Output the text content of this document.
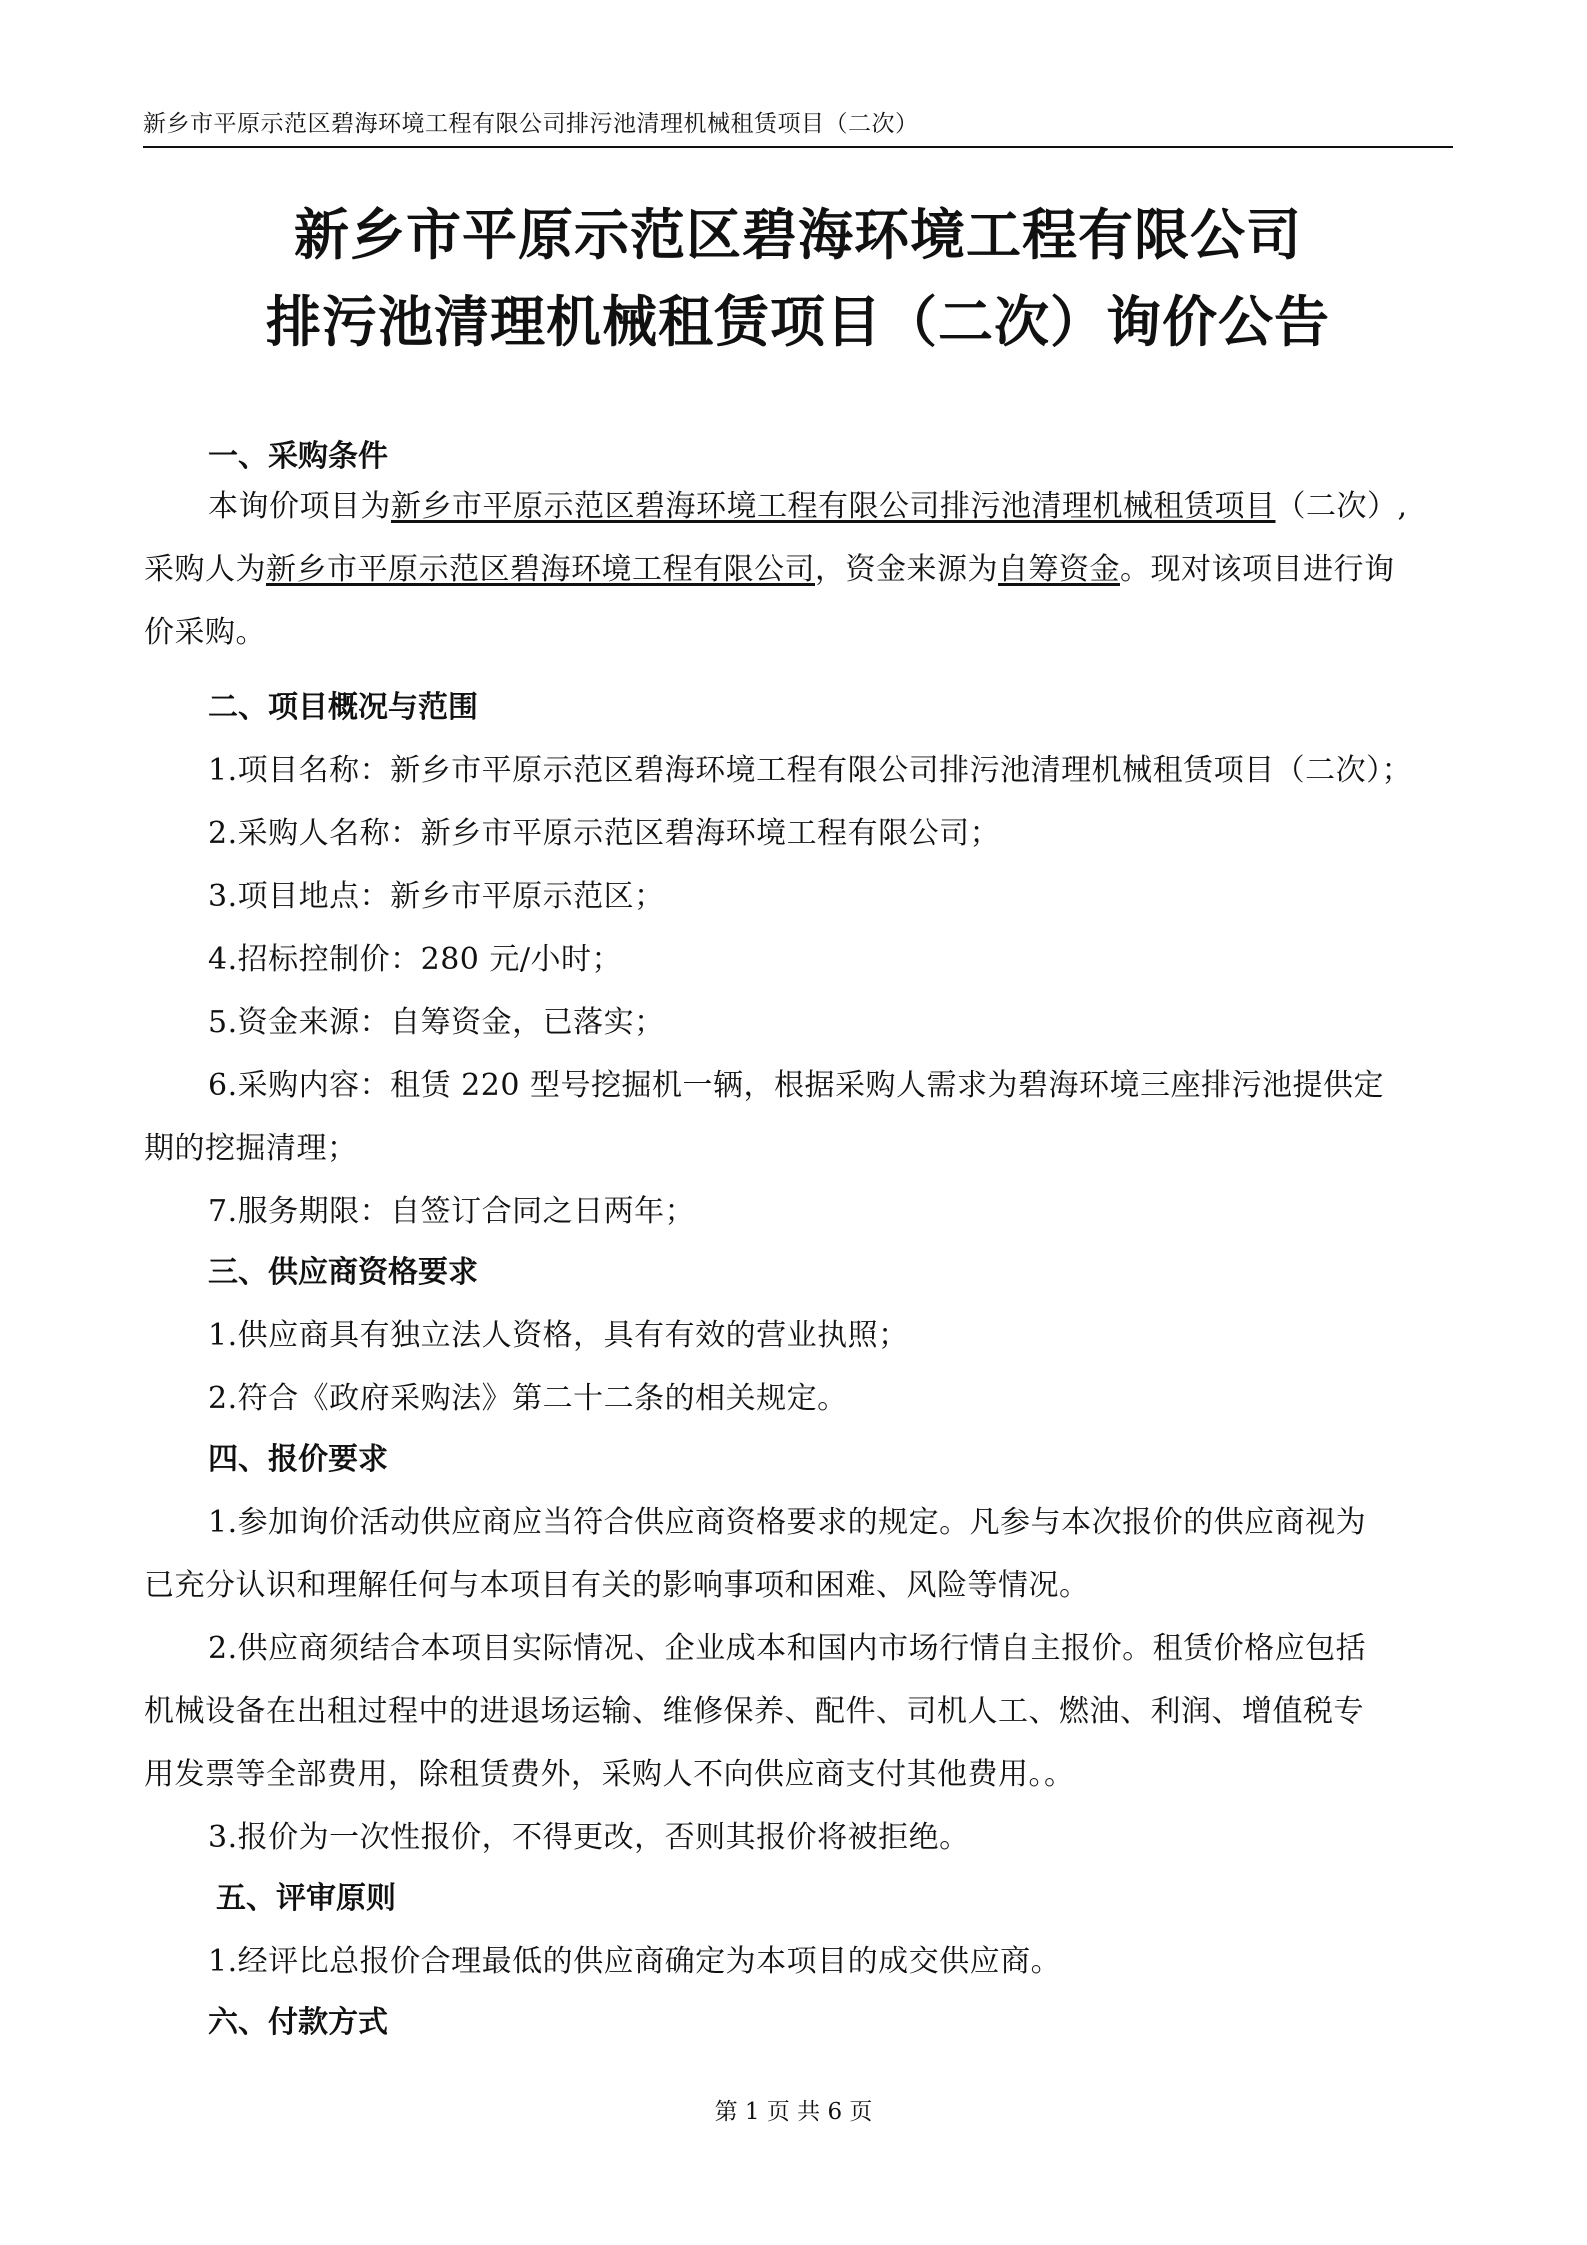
新乡市平原示范区碧海环境工程有限公司排污池清理机械租赁项目（二次）
新乡市平原示范区碧海环境工程有限公司
排污池清理机械租赁项目（二次）询价公告
一、采购条件
本询价项目为新乡市平原示范区碧海环境工程有限公司排污池清理机械租赁项目（二次）,
采购人为新乡市平原示范区碧海环境工程有限公司，资金来源为自筹资金。现对该项目进行询
价采购。
二、项目概况与范围
1.项目名称：新乡市平原示范区碧海环境工程有限公司排污池清理机械租赁项目（二次）；
2.采购人名称：新乡市平原示范区碧海环境工程有限公司；
3.项目地点：新乡市平原示范区；
4.招标控制价：280 元/小时；
5.资金来源：自筹资金，已落实；
6.采购内容：租赁 220 型号挖掘机一辆，根据采购人需求为碧海环境三座排污池提供定
期的挖掘清理；
7.服务期限：自签订合同之日两年；
三、供应商资格要求
1.供应商具有独立法人资格，具有有效的营业执照；
2.符合《政府采购法》第二十二条的相关规定。
四、报价要求
1.参加询价活动供应商应当符合供应商资格要求的规定。凡参与本次报价的供应商视为
已充分认识和理解任何与本项目有关的影响事项和困难、风险等情况。
2.供应商须结合本项目实际情况、企业成本和国内市场行情自主报价。租赁价格应包括
机械设备在出租过程中的进退场运输、维修保养、配件、司机人工、燃油、利润、增值税专
用发票等全部费用，除租赁费外，采购人不向供应商支付其他费用。。
3.报价为一次性报价，不得更改，否则其报价将被拒绝。
五、评审原则
1.经评比总报价合理最低的供应商确定为本项目的成交供应商。
六、付款方式
第 1 页 共 6 页
